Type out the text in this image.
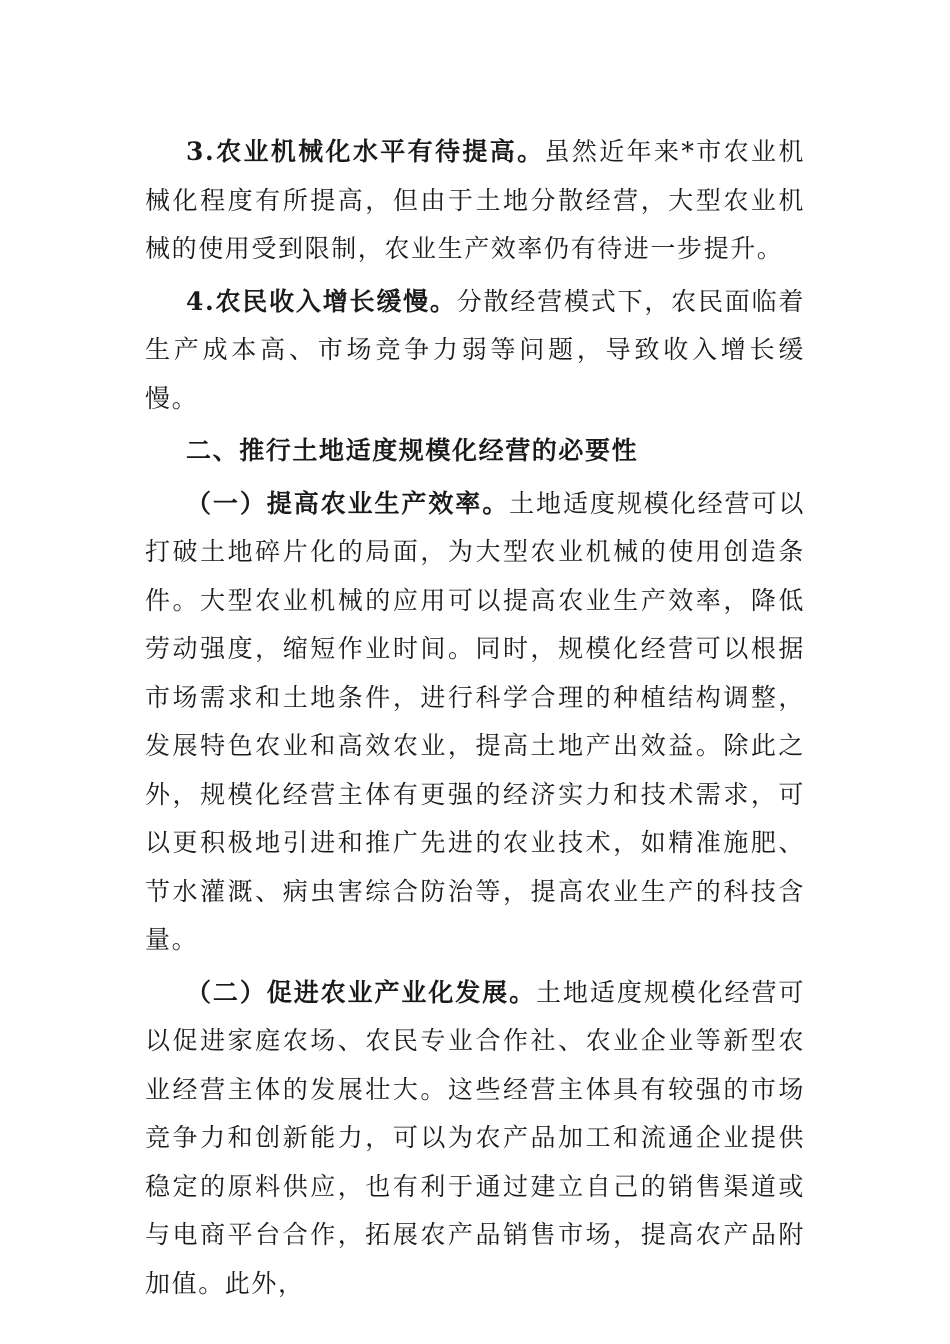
3.农业机械化水平有待提高。虽然近年来*市农业机械化程度有所提高，但由于土地分散经营，大型农业机械的使用受到限制，农业生产效率仍有待进一步提升。

4.农民收入增长缓慢。分散经营模式下，农民面临着生产成本高、市场竞争力弱等问题，导致收入增长缓慢。

二、推行土地适度规模化经营的必要性

（一）提高农业生产效率。土地适度规模化经营可以打破土地碎片化的局面，为大型农业机械的使用创造条件。大型农业机械的应用可以提高农业生产效率，降低劳动强度，缩短作业时间。同时，规模化经营可以根据市场需求和土地条件，进行科学合理的种植结构调整，发展特色农业和高效农业，提高土地产出效益。除此之外，规模化经营主体有更强的经济实力和技术需求，可以更积极地引进和推广先进的农业技术，如精准施肥、节水灌溉、病虫害综合防治等，提高农业生产的科技含量。

（二）促进农业产业化发展。土地适度规模化经营可以促进家庭农场、农民专业合作社、农业企业等新型农业经营主体的发展壮大。这些经营主体具有较强的市场竞争力和创新能力，可以为农产品加工和流通企业提供稳定的原料供应，也有利于通过建立自己的销售渠道或与电商平台合作，拓展农产品销售市场，提高农产品附加值。此外，
